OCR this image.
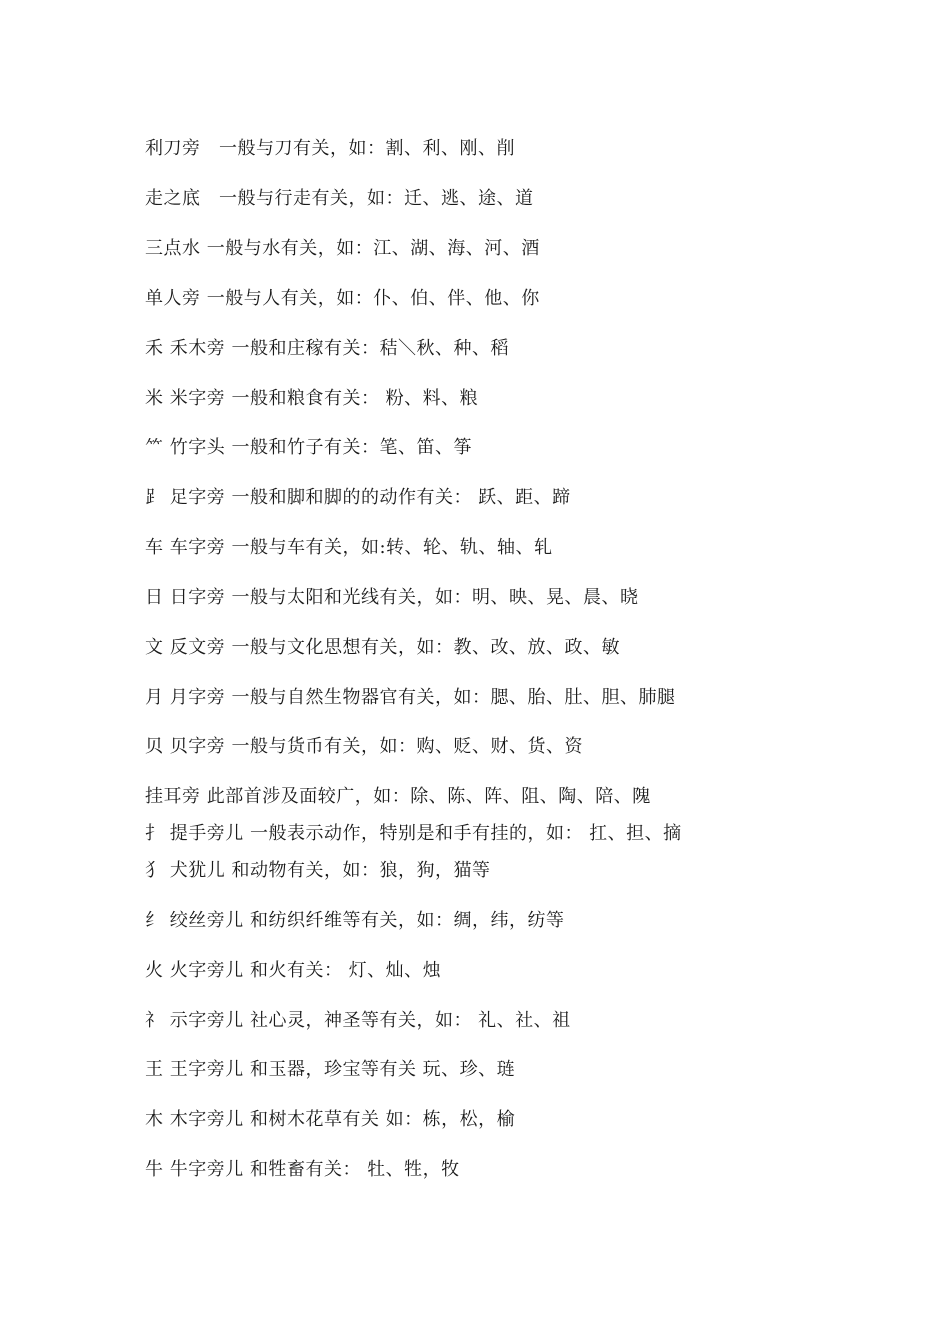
利刀旁　一般与刀有关，如：割、利、刚、削
走之底　一般与行走有关，如：迁、逃、途、道
三点水 一般与水有关，如：江、湖、海、河、酒
单人旁 一般与人有关，如：仆、伯、伴、他、你
禾 禾木旁 一般和庄稼有关：秸＼秋、种、稻
米 米字旁 一般和粮食有关： 粉、料、粮
⺮ 竹字头 一般和竹子有关：笔、笛、筝
⻊ 足字旁 一般和脚和脚的的动作有关： 跃、距、蹄
车 车字旁 一般与车有关，如:转、轮、轨、轴、轧
日 日字旁 一般与太阳和光线有关，如：明、映、晃、晨、晓
文 反文旁 一般与文化思想有关，如：教、改、放、政、敏
月 月字旁 一般与自然生物器官有关，如：腮、胎、肚、胆、肺腿
贝 贝字旁 一般与货币有关，如：购、贬、财、货、资
挂耳旁 此部首涉及面较广，如：除、陈、阵、阻、陶、陪、隗
扌 提手旁儿 一般表示动作，特别是和手有挂的，如： 扛、担、摘
犭 犬犹儿 和动物有关，如：狼，狗，猫等
纟 绞丝旁儿 和纺织纤维等有关，如：绸，纬，纺等
火 火字旁儿 和火有关： 灯、灿、烛
礻 示字旁儿 社心灵，神圣等有关，如： 礼、社、祖
王 王字旁儿 和玉器，珍宝等有关 玩、珍、琏
木 木字旁儿 和树木花草有关 如：栋，松，榆
牛 牛字旁儿 和牲畜有关： 牡、牲，牧
